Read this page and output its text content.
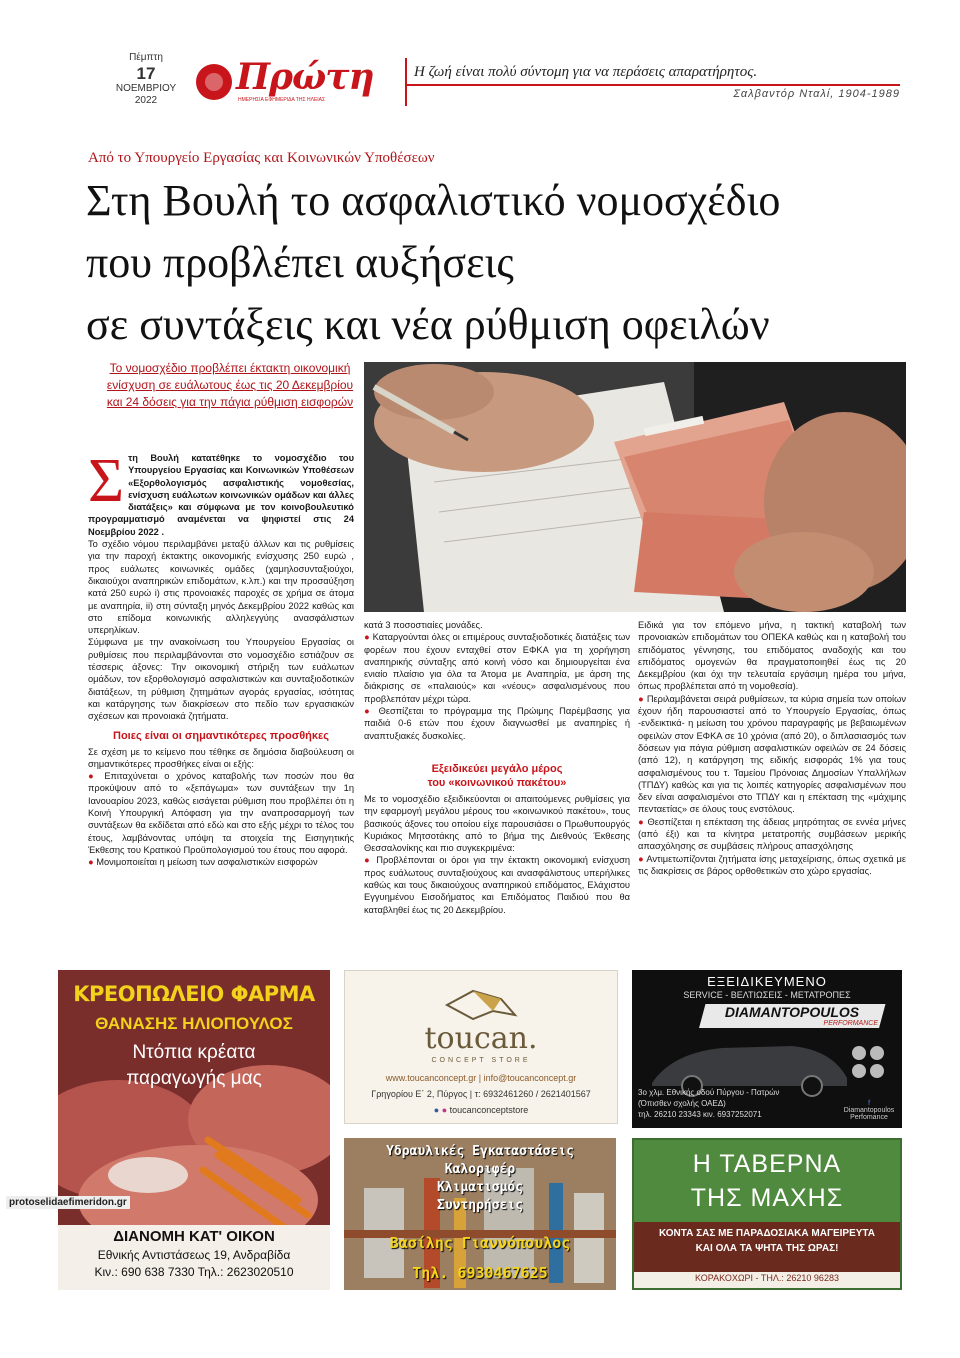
Πέμπτη
17
ΝΟΕΜΒΡΙΟΥ
2022
Πρώτη
ΗΜΕΡΗΣΙΑ ΕΦΗΜΕΡΙΔΑ ΤΗΣ ΗΛΕΙΑΣ
Η ζωή είναι πολύ σύντομη για να περάσεις απαρατήρητος.
Σαλβαντόρ Νταλί, 1904-1989
Από το Υπουργείο Εργασίας και Κοινωνικών Υποθέσεων
Στη Βουλή το ασφαλιστικό νομοσχέδιο
που προβλέπει αυξήσεις
σε συντάξεις και νέα ρύθμιση οφειλών
Το νομοσχέδιο προβλέπει έκτακτη οικονομική ενίσχυση σε ευάλωτους έως τις 20 Δεκεμβρίου και 24 δόσεις για την πάγια ρύθμιση εισφορών

Στη Βουλή κατατέθηκε το νομοσχέδιο του Υπουργείου Εργασίας και Κοινωνικών Υποθέσεων «Εξορθολογισμός ασφαλιστικής νομοθεσίας, ενίσχυση ευάλωτων κοινωνικών ομάδων και άλλες διατάξεις» και σύμφωνα με τον κοινοβουλευτικό προγραμματισμό αναμένεται να ψηφιστεί στις 24 Νοεμβρίου 2022 .

Το σχέδιο νόμου περιλαμβάνει μεταξύ άλλων και τις ρυθμίσεις για την παροχή έκτακτης οικονομικής ενίσχυσης 250 ευρώ , προς ευάλωτες κοινωνικές ομάδες (χαμηλοσυνταξιούχοι, δικαιούχοι αναπηρικών επιδομάτων, κ.λπ.) και την προσαύξηση κατά 250 ευρώ i) στις προνοιακές παροχές σε χρήμα σε άτομα με αναπηρία, ii) στη σύνταξη μηνός Δεκεμβρίου 2022 καθώς και στο επίδομα κοινωνικής αλληλεγγύης ανασφάλιστων υπερηλίκων.

Σύμφωνα με την ανακοίνωση του Υπουργείου Εργασίας οι ρυθμίσεις που περιλαμβάνονται στο νομοσχέδιο εστιάζουν σε τέσσερις άξονες: Την οικονομική στήριξη των ευάλωτων ομάδων, τον εξορθολογισμό ασφαλιστικών και συνταξιοδοτικών διατάξεων, τη ρύθμιση ζητημάτων αγοράς εργασίας, ισότητας και κατάργησης των διακρίσεων στο πεδίο των εργασιακών σχέσεων και προνοιακά ζητήματα.

Ποιες είναι οι σημαντικότερες προσθήκες

Σε σχέση με το κείμενο που τέθηκε σε δημόσια διαβούλευση οι σημαντικότερες προσθήκες είναι οι εξής:

● Επιταχύνεται ο χρόνος καταβολής των ποσών που θα προκύψουν από το «ξεπάγωμα» των συντάξεων την 1η Ιανουαρίου 2023, καθώς εισάγεται ρύθμιση που προβλέπει ότι η Κοινή Υπουργική Απόφαση για την αναπροσαρμογή των συντάξεων θα εκδίδεται από εδώ και στο εξής μέχρι το τέλος του έτους, λαμβάνοντας υπόψη τα στοιχεία της Εισηγητικής Έκθεσης του Κρατικού Προϋπολογισμού του έτους που αφορά.

● Μονιμοποιείται η μείωση των ασφαλιστικών εισφορών

κατά 3 ποσοστιαίες μονάδες.

● Καταργούνται όλες οι επιμέρους συνταξιοδοτικές διατάξεις των φορέων που έχουν ενταχθεί στον ΕΦΚΑ για τη χορήγηση αναπηρικής σύνταξης από κοινή νόσο και δημιουργείται ένα ενιαίο πλαίσιο για όλα τα Άτομα με Αναπηρία, με άρση της διάκρισης σε «παλαιούς» και «νέους» ασφαλισμένους που προβλεπόταν μέχρι τώρα.

● Θεσπίζεται το πρόγραμμα της Πρώιμης Παρέμβασης για παιδιά 0-6 ετών που έχουν διαγνωσθεί με αναπηρίες ή αναπτυξιακές δυσκολίες.

Εξειδικεύει μεγάλο μέρος
του «κοινωνικού πακέτου»

Με το νομοσχέδιο εξειδικεύονται οι απαιτούμενες ρυθμίσεις για την εφαρμογή μεγάλου μέρους του «κοινωνικού πακέτου», τους βασικούς άξονες του οποίου είχε παρουσιάσει ο Πρωθυπουργός Κυριάκος Μητσοτάκης από το βήμα της Διεθνούς Έκθεσης Θεσσαλονίκης και πιο συγκεκριμένα:

● Προβλέπονται οι όροι για την έκτακτη οικονομική ενίσχυση προς ευάλωτους συνταξιούχους και ανασφάλιστους υπερήλικες καθώς και τους δικαιούχους αναπηρικού επιδόματος, Ελάχιστου Εγγυημένου Εισοδήματος και Επιδόματος Παιδιού που θα καταβληθεί έως τις 20 Δεκεμβρίου.

Ειδικά για τον επόμενο μήνα, η τακτική καταβολή των προνοιακών επιδομάτων του ΟΠΕΚΑ καθώς και η καταβολή του επιδόματος γέννησης, του επιδόματος αναδοχής και του επιδόματος ομογενών θα πραγματοποιηθεί έως τις 20 Δεκεμβρίου (και όχι την τελευταία εργάσιμη ημέρα του μήνα, όπως προβλέπεται από τη νομοθεσία).

● Περιλαμβάνεται σειρά ρυθμίσεων, τα κύρια σημεία των οποίων έχουν ήδη παρουσιαστεί από το Υπουργείο Εργασίας, όπως -ενδεικτικά- η μείωση του χρόνου παραγραφής με βεβαιωμένων οφειλών στον ΕΦΚΑ σε 10 χρόνια (από 20), ο διπλασιασμός των δόσεων για πάγια ρύθμιση ασφαλιστικών οφειλών σε 24 δόσεις (από 12), η κατάργηση της ειδικής εισφοράς 1% για τους ασφαλισμένους του τ. Ταμείου Πρόνοιας Δημοσίων Υπαλλήλων (ΤΠΔΥ) καθώς και για τις λοιπές κατηγορίες ασφαλισμένων που δεν είναι ασφαλισμένοι στο ΤΠΔΥ και η επέκταση της «μάχιμης πενταετίας» σε όλους τους ενστόλους.

● Θεσπίζεται η επέκταση της άδειας μητρότητας σε εννέα μήνες (από έξι) και τα κίνητρα μετατροπής συμβάσεων μερικής απασχόλησης σε συμβάσεις πλήρους απασχόλησης

● Αντιμετωπίζονται ζητήματα ίσης μεταχείρισης, όπως σχετικά με τις διακρίσεις σε βάρος ορθοθετικών στο χώρο εργασίας.

ΚΡΕΟΠΩΛΕΙΟ ΦΑΡΜΑ
ΘΑΝΑΣΗΣ ΗΛΙΟΠΟΥΛΟΣ
Ντόπια κρέατα
παραγωγής μας
ΔΙΑΝΟΜΗ ΚΑΤ' ΟΙΚΟΝ
Εθνικής Αντιστάσεως 19, Ανδραβίδα
Κιν.: 690 638 7330 Τηλ.: 2623020510
toucan.
CONCEPT STORE
www.toucanconcept.gr | info@toucanconcept.gr
Γρηγορίου Ε΄ 2, Πύργος | τ: 6932461260 / 2621401567
● ● toucanconceptstore
Υδραυλικές Εγκαταστάσεις
Καλοριφέρ
Κλιματισμός
Συντηρήσεις
Βασίλης Γιαννόπουλος
Τηλ. 6930467625
ΕΞΕΙΔΙΚΕΥΜΕΝΟ
SERVICE - ΒΕΛΤΙΩΣΕΙΣ - ΜΕΤΑΤΡΟΠΕΣ
DIAMANTOPOULOS
PERFORMANCE
3ο χλμ. Εθνικής οδού Πύργου - Πατρών
(Όπισθεν σχολής ΟΑΕΔ)
τηλ. 26210 23343 κιν. 6937252071
f
Diamantopoulos Perfomance
Η ΤΑΒΕΡΝΑ
ΤΗΣ ΜΑΧΗΣ
ΚΟΝΤΑ ΣΑΣ ΜΕ ΠΑΡΑΔΟΣΙΑΚΑ ΜΑΓΕΙΡΕΥΤΑ ΚΑΙ ΟΛΑ ΤΑ ΨΗΤΑ ΤΗΣ ΩΡΑΣ!
ΚΟΡΑΚΟΧΩΡΙ - ΤΗΛ.: 26210 96283
protoselidaefimeridon.gr
